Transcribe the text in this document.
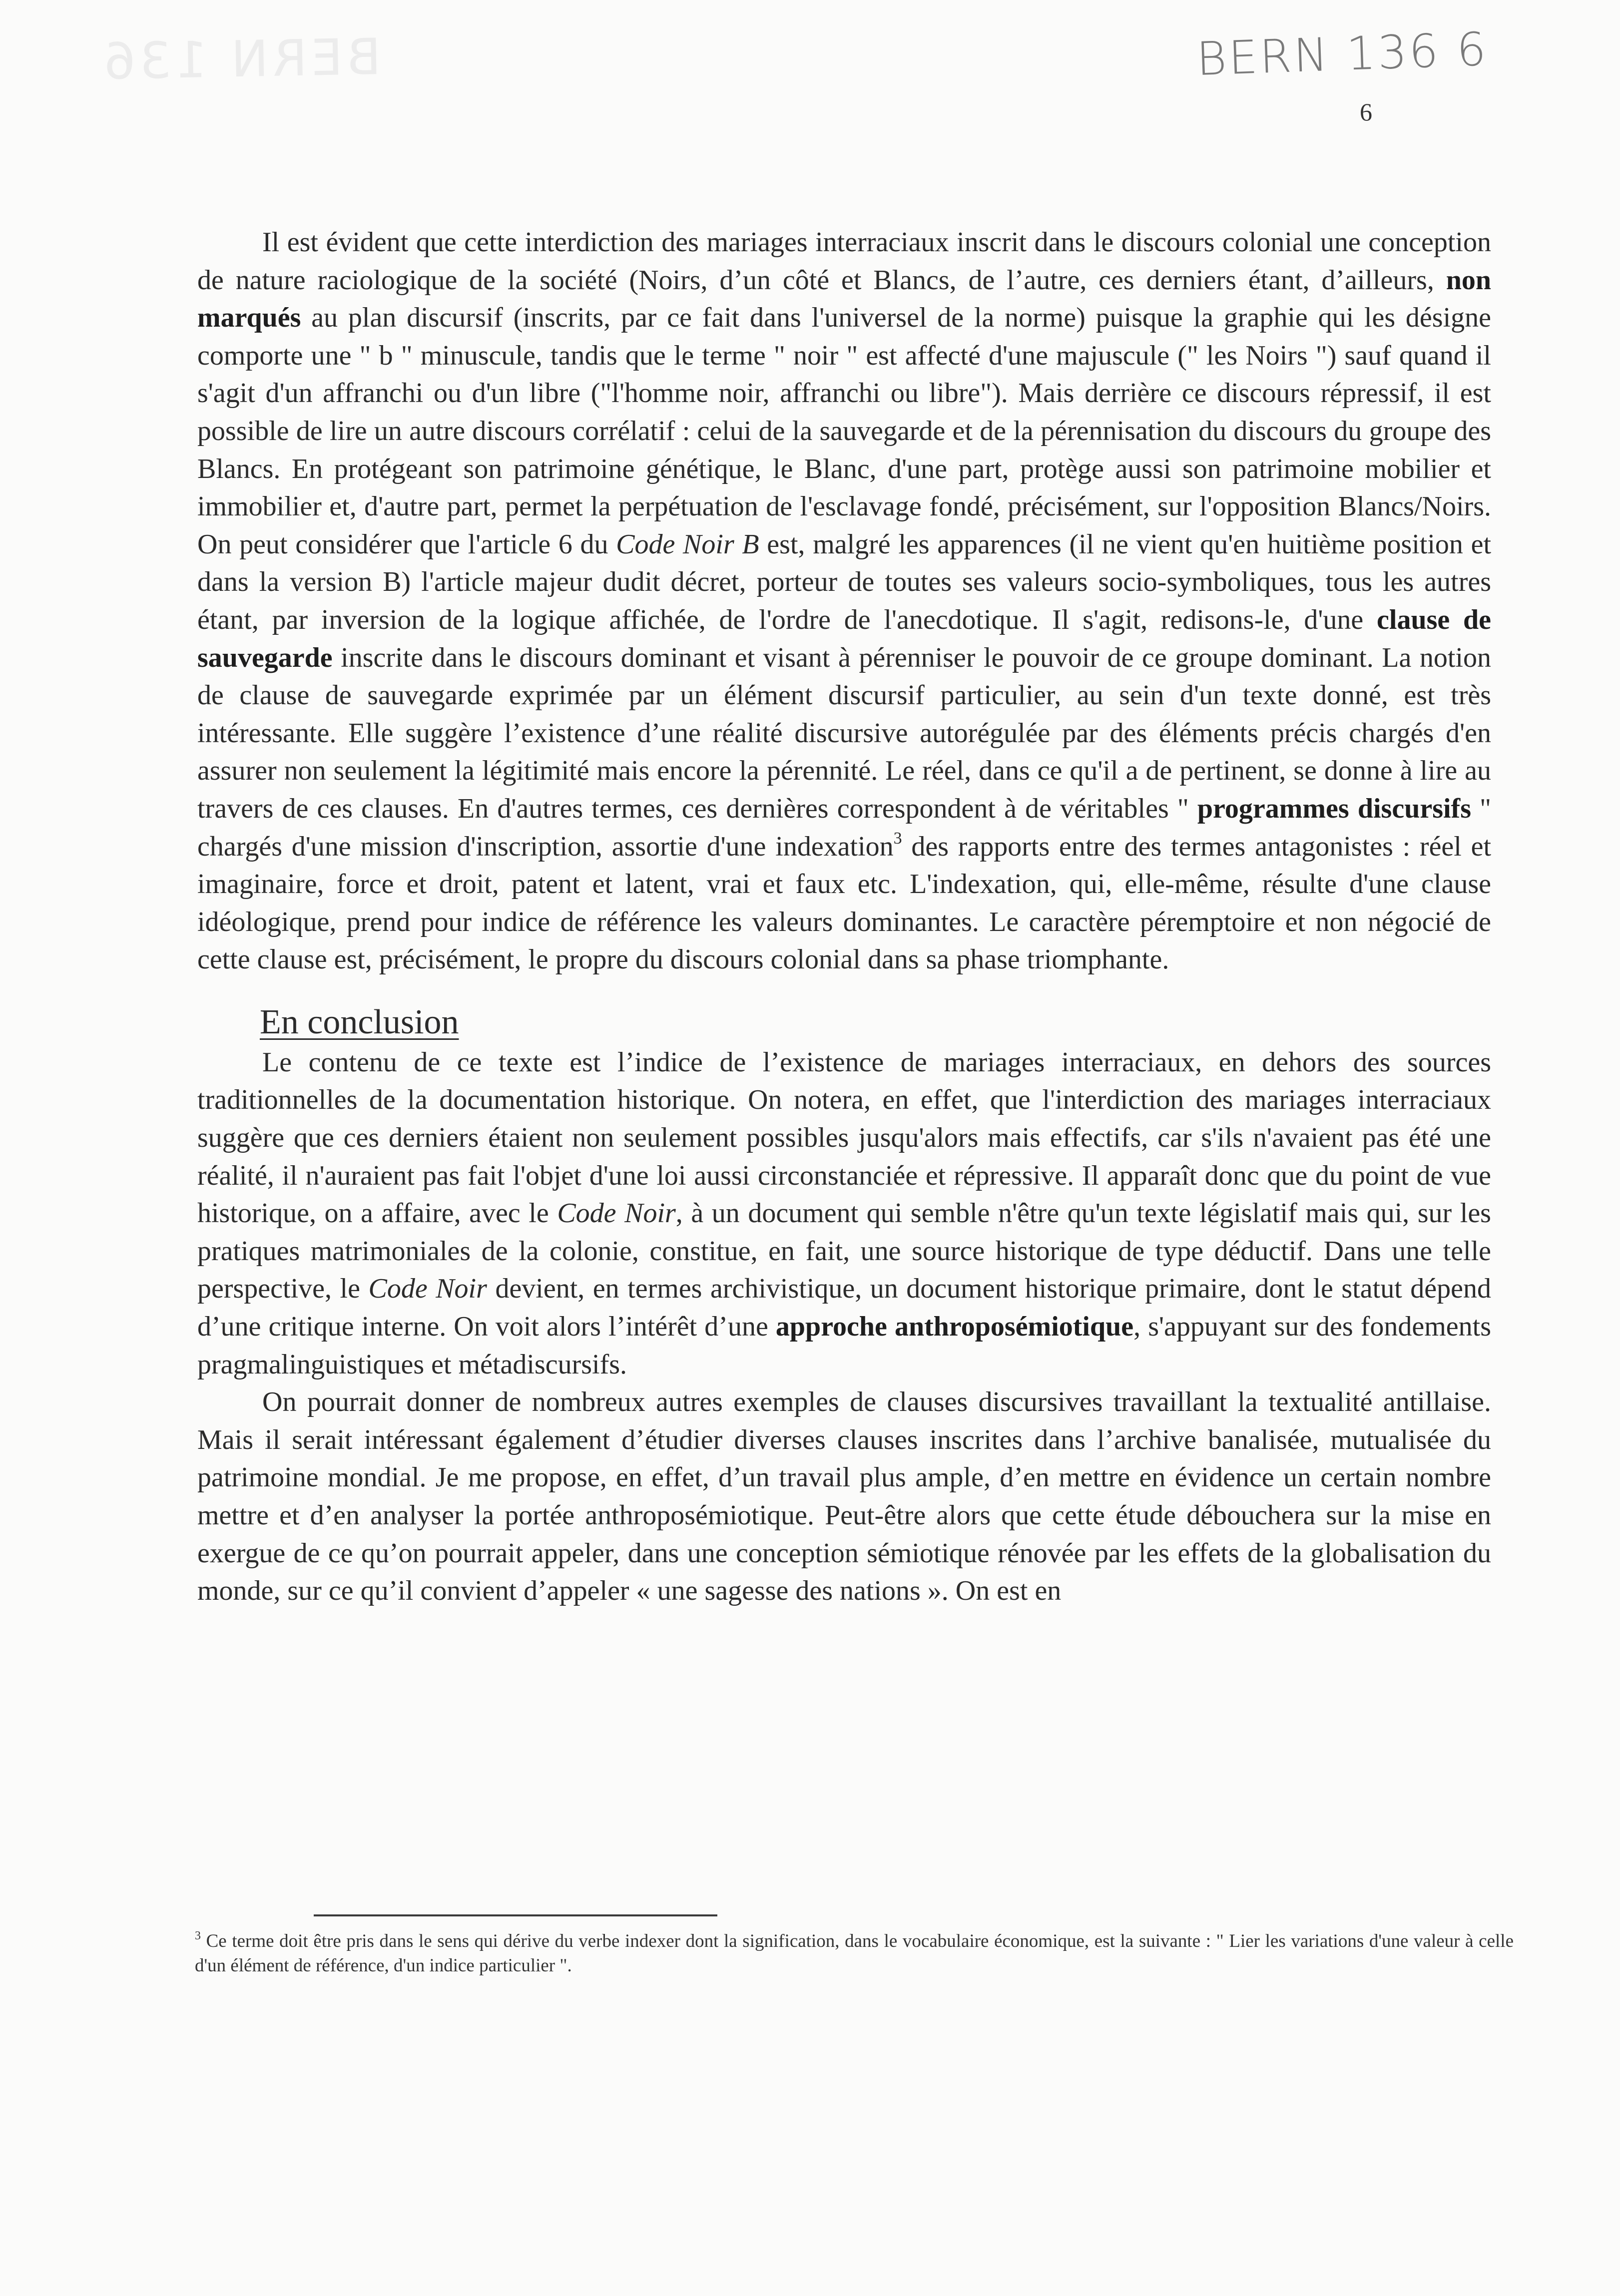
BERN 136	BERN 136 6
6

Il est évident que cette interdiction des mariages interraciaux inscrit dans le discours colonial une conception de nature raciologique de la société (Noirs, d’un côté et Blancs, de l’autre, ces derniers étant, d’ailleurs, non marqués au plan discursif (inscrits, par ce fait dans l'universel de la norme) puisque la graphie qui les désigne comporte une " b " minuscule, tandis que le terme " noir " est affecté d'une majuscule (" les Noirs ") sauf quand il s'agit d'un affranchi ou d'un libre ("l'homme noir, affranchi ou libre"). Mais derrière ce discours répressif, il est possible de lire un autre discours corrélatif : celui de la sauvegarde et de la pérennisation du discours du groupe des Blancs. En protégeant son patrimoine génétique, le Blanc, d'une part, protège aussi son patrimoine mobilier et immobilier et, d'autre part, permet la perpétuation de l'esclavage fondé, précisément, sur l'opposition Blancs/Noirs. On peut considérer que l'article 6 du Code Noir B est, malgré les apparences (il ne vient qu'en huitième position et dans la version B) l'article majeur dudit décret, porteur de toutes ses valeurs socio-symboliques, tous les autres étant, par inversion de la logique affichée, de l'ordre de l'anecdotique. Il s'agit, redisons-le, d'une clause de sauvegarde inscrite dans le discours dominant et visant à pérenniser le pouvoir de ce groupe dominant. La notion de clause de sauvegarde exprimée par un élément discursif particulier, au sein d'un texte donné, est très intéressante. Elle suggère l’existence d’une réalité discursive autorégulée par des éléments précis chargés d'en assurer non seulement la légitimité mais encore la pérennité. Le réel, dans ce qu'il a de pertinent, se donne à lire au travers de ces clauses. En d'autres termes, ces dernières correspondent à de véritables " programmes discursifs " chargés d'une mission d'inscription, assortie d'une indexation$^3$ des rapports entre des termes antagonistes : réel et imaginaire, force et droit, patent et latent, vrai et faux etc. L'indexation, qui, elle-même, résulte d'une clause idéologique, prend pour indice de référence les valeurs dominantes. Le caractère péremptoire et non négocié de cette clause est, précisément, le propre du discours colonial dans sa phase triomphante.

En conclusion

Le contenu de ce texte est l’indice de l’existence de mariages interraciaux, en dehors des sources traditionnelles de la documentation historique. On notera, en effet, que l'interdiction des mariages interraciaux suggère que ces derniers étaient non seulement possibles jusqu'alors mais effectifs, car s'ils n'avaient pas été une réalité, il n'auraient pas fait l'objet d'une loi aussi circonstanciée et répressive. Il apparaît donc que du point de vue historique, on a affaire, avec le Code Noir, à un document qui semble n'être qu'un texte législatif mais qui, sur les pratiques matrimoniales de la colonie, constitue, en fait, une source historique de type déductif. Dans une telle perspective, le Code Noir devient, en termes archivistique, un document historique primaire, dont le statut dépend d’une critique interne. On voit alors l’intérêt d’une approche anthroposémiotique, s'appuyant sur des fondements pragmalinguistiques et métadiscursifs.

On pourrait donner de nombreux autres exemples de clauses discursives travaillant la textualité antillaise. Mais il serait intéressant également d’étudier diverses clauses inscrites dans l’archive banalisée, mutualisée du patrimoine mondial. Je me propose, en effet, d’un travail plus ample, d’en mettre en évidence un certain nombre mettre et d’en analyser la portée anthroposémiotique. Peut-être alors que cette étude débouchera sur la mise en exergue de ce qu’on pourrait appeler, dans une conception sémiotique rénovée par les effets de la globalisation du monde, sur ce qu’il convient d’appeler « une sagesse des nations ». On est en

$^3$ Ce terme doit être pris dans le sens qui dérive du verbe indexer dont la signification, dans le vocabulaire économique, est la suivante : " Lier les variations d'une valeur à celle d'un élément de référence, d'un indice particulier ".
